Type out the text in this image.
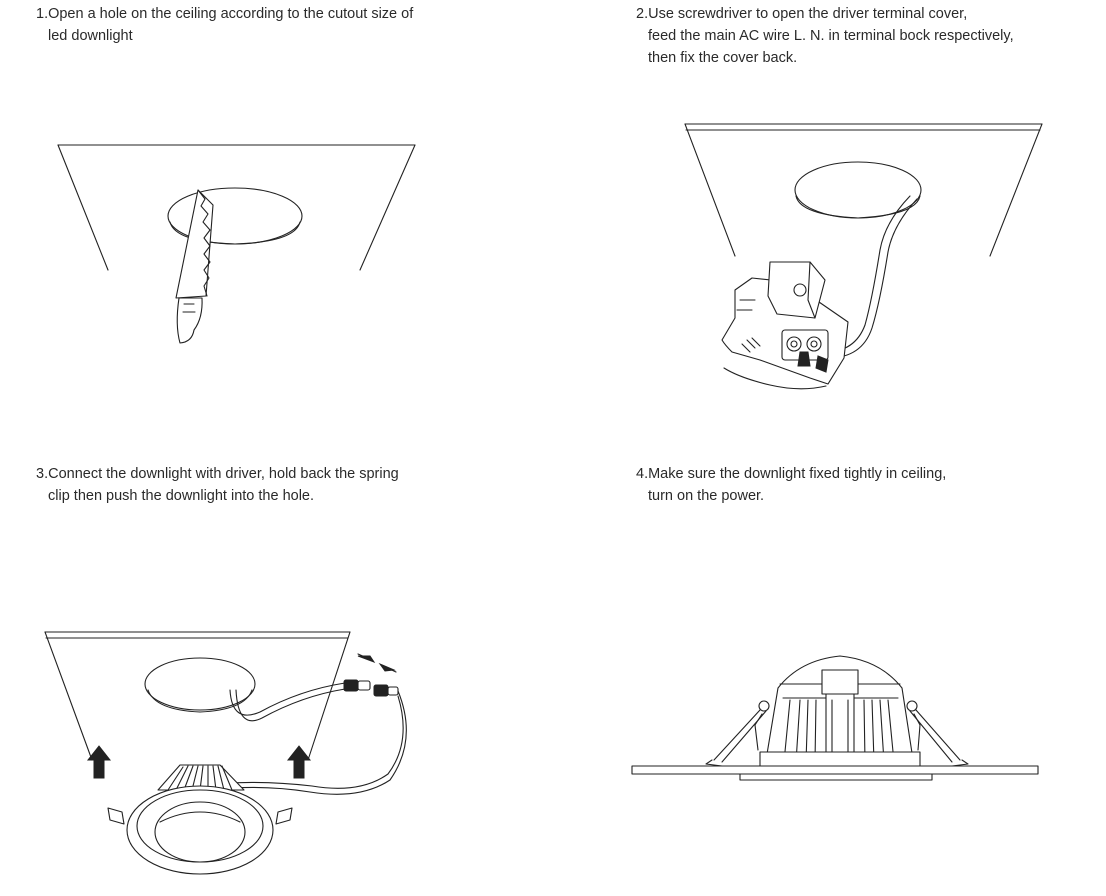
1.Open a hole on the ceiling according to the cutout size of
led downlight
2.Use screwdriver to open the driver terminal cover,
feed the main AC wire L. N. in terminal bock respectively,
then fix the cover back.
3.Connect the downlight with driver, hold back the spring
clip then push the downlight into the hole.
4.Make sure the downlight fixed tightly in ceiling,
turn on the power.
